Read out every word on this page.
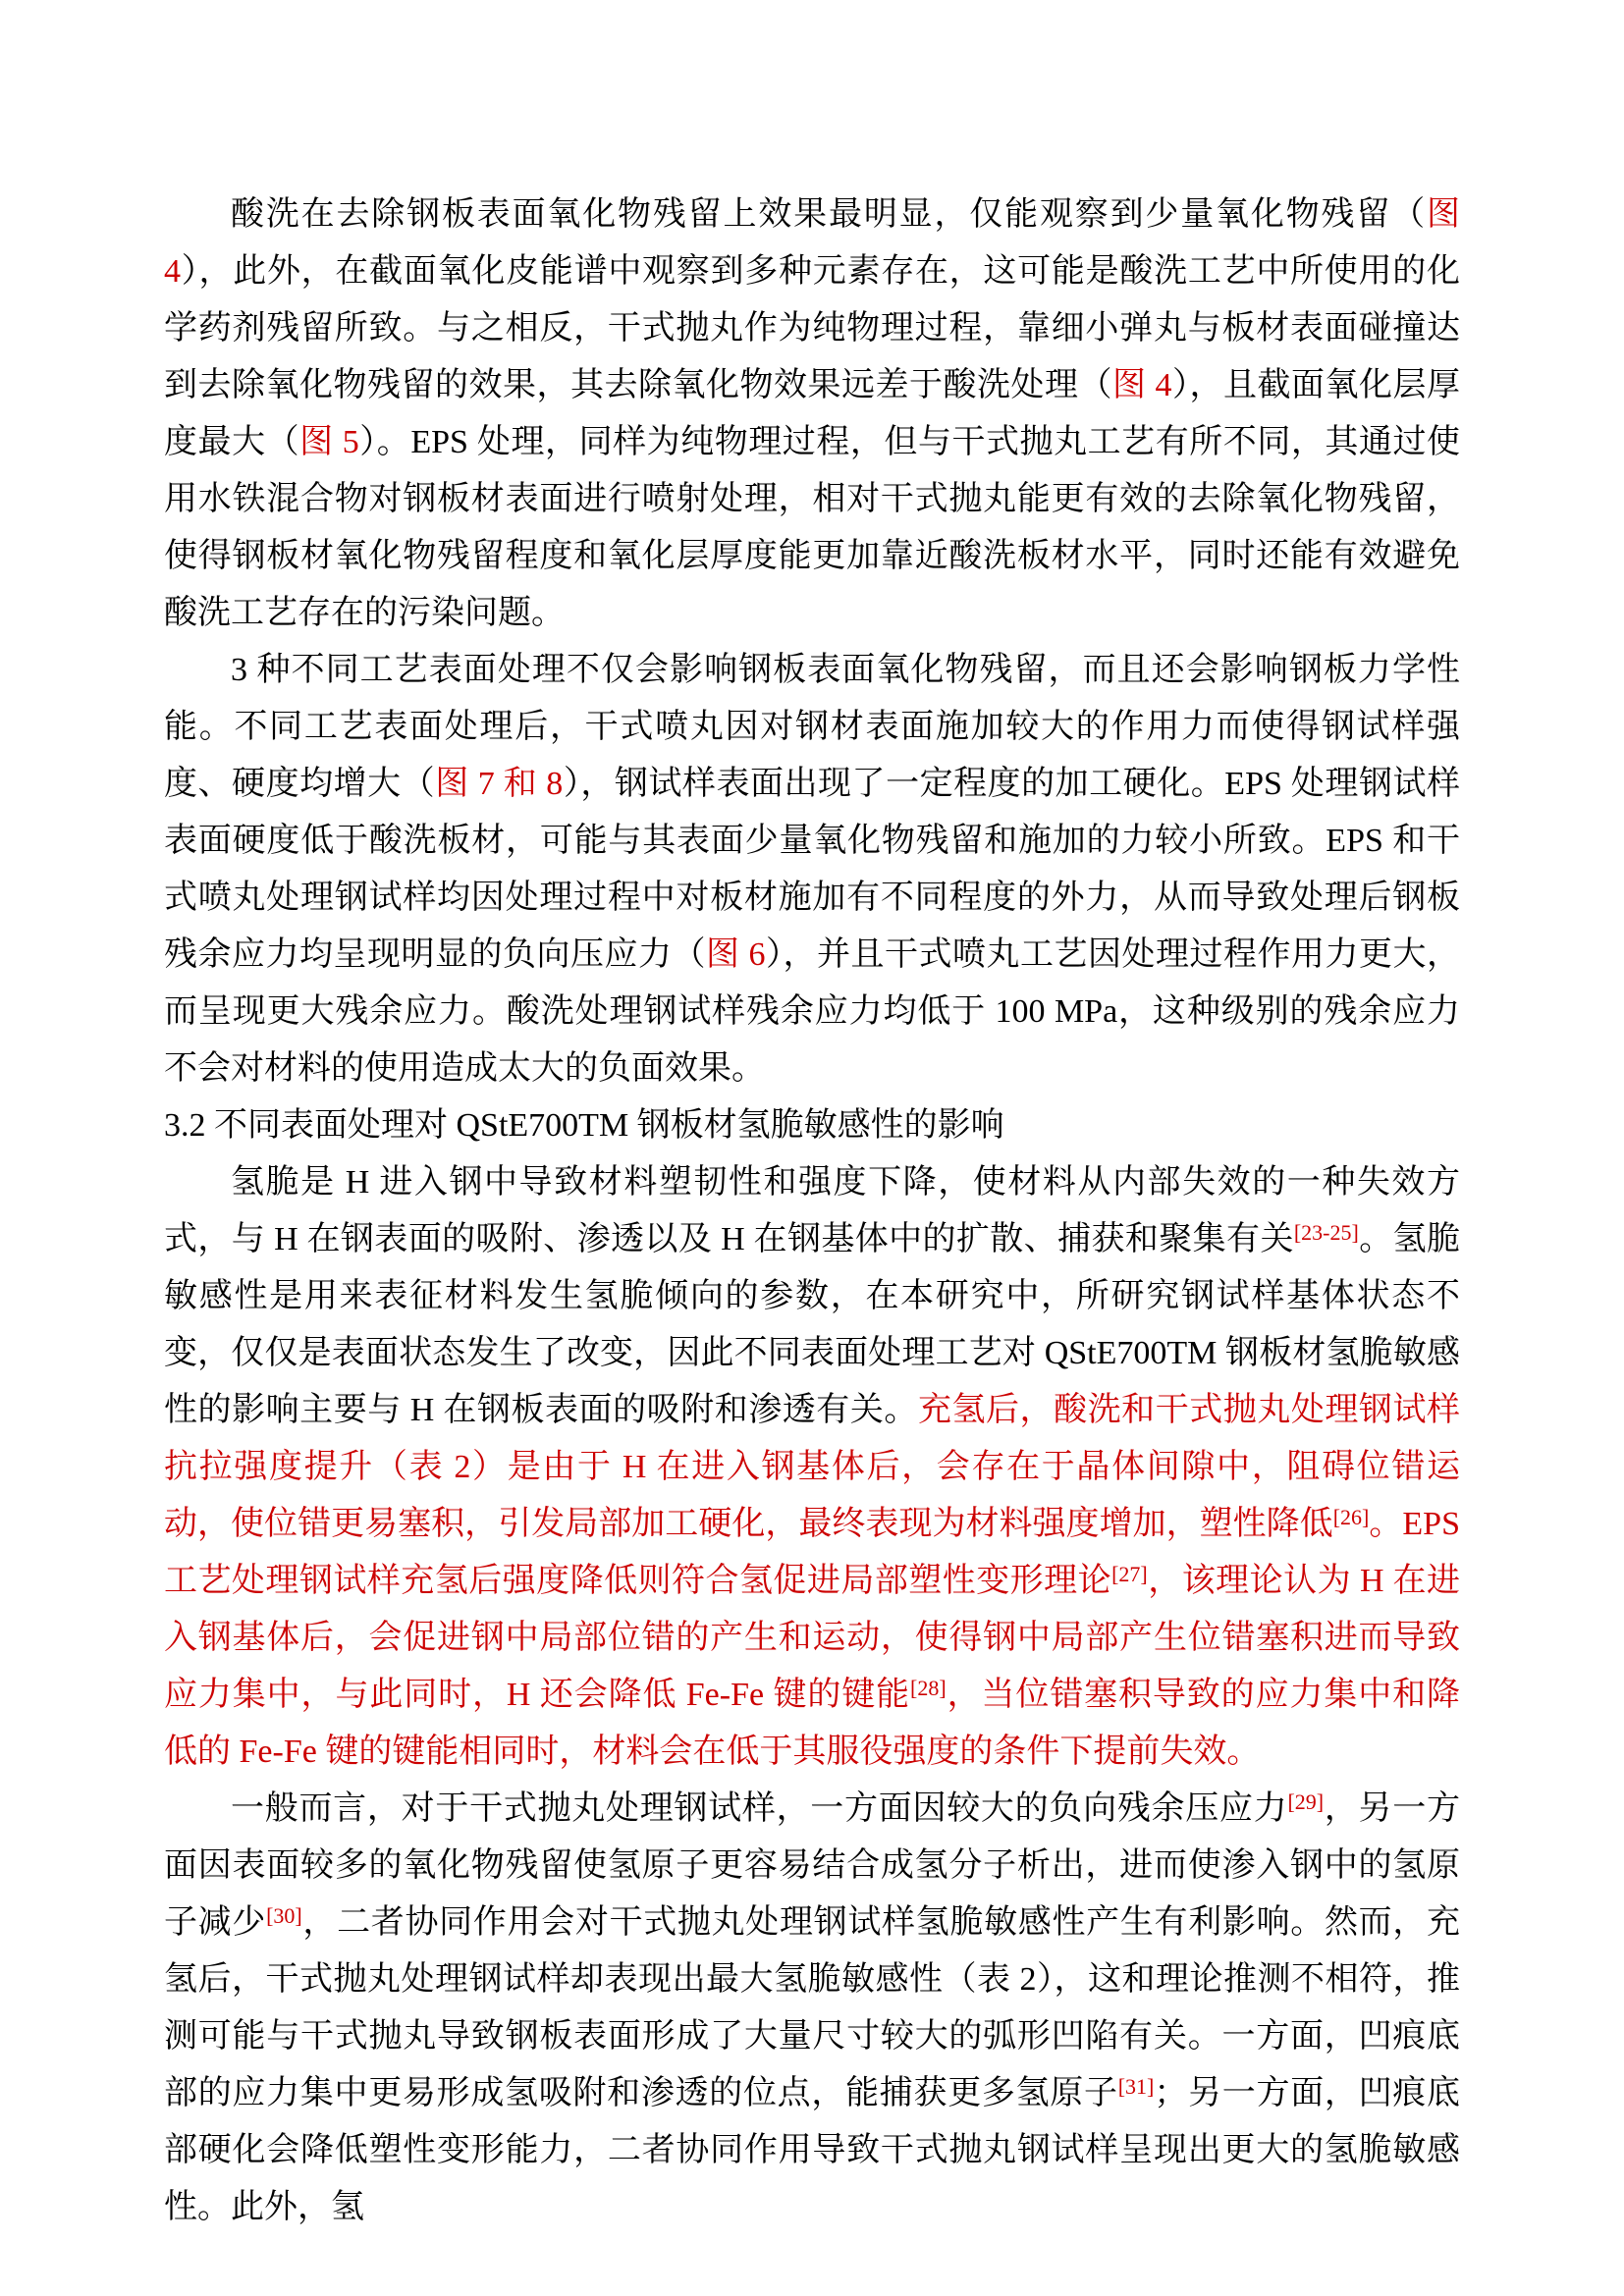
酸洗在去除钢板表面氧化物残留上效果最明显，仅能观察到少量氧化物残留（图 4），此外，在截面氧化皮能谱中观察到多种元素存在，这可能是酸洗工艺中所使用的化学药剂残留所致。与之相反，干式抛丸作为纯物理过程，靠细小弹丸与板材表面碰撞达到去除氧化物残留的效果，其去除氧化物效果远差于酸洗处理（图 4），且截面氧化层厚度最大（图 5）。EPS 处理，同样为纯物理过程，但与干式抛丸工艺有所不同，其通过使用水铁混合物对钢板材表面进行喷射处理，相对干式抛丸能更有效的去除氧化物残留，使得钢板材氧化物残留程度和氧化层厚度能更加靠近酸洗板材水平，同时还能有效避免酸洗工艺存在的污染问题。

3 种不同工艺表面处理不仅会影响钢板表面氧化物残留，而且还会影响钢板力学性能。不同工艺表面处理后，干式喷丸因对钢材表面施加较大的作用力而使得钢试样强度、硬度均增大（图 7 和 8），钢试样表面出现了一定程度的加工硬化。EPS 处理钢试样表面硬度低于酸洗板材，可能与其表面少量氧化物残留和施加的力较小所致。EPS 和干式喷丸处理钢试样均因处理过程中对板材施加有不同程度的外力，从而导致处理后钢板残余应力均呈现明显的负向压应力（图 6），并且干式喷丸工艺因处理过程作用力更大，而呈现更大残余应力。酸洗处理钢试样残余应力均低于 100 MPa，这种级别的残余应力不会对材料的使用造成太大的负面效果。

3.2 不同表面处理对 QStE700TM 钢板材氢脆敏感性的影响

氢脆是 H 进入钢中导致材料塑韧性和强度下降，使材料从内部失效的一种失效方式，与 H 在钢表面的吸附、渗透以及 H 在钢基体中的扩散、捕获和聚集有关[23-25]。氢脆敏感性是用来表征材料发生氢脆倾向的参数，在本研究中，所研究钢试样基体状态不变，仅仅是表面状态发生了改变，因此不同表面处理工艺对 QStE700TM 钢板材氢脆敏感性的影响主要与 H 在钢板表面的吸附和渗透有关。充氢后，酸洗和干式抛丸处理钢试样抗拉强度提升（表 2）是由于 H 在进入钢基体后，会存在于晶体间隙中，阻碍位错运动，使位错更易塞积，引发局部加工硬化，最终表现为材料强度增加，塑性降低[26]。EPS 工艺处理钢试样充氢后强度降低则符合氢促进局部塑性变形理论[27]，该理论认为 H 在进入钢基体后，会促进钢中局部位错的产生和运动，使得钢中局部产生位错塞积进而导致应力集中，与此同时，H 还会降低 Fe-Fe 键的键能[28]，当位错塞积导致的应力集中和降低的 Fe-Fe 键的键能相同时，材料会在低于其服役强度的条件下提前失效。

一般而言，对于干式抛丸处理钢试样，一方面因较大的负向残余压应力[29]，另一方面因表面较多的氧化物残留使氢原子更容易结合成氢分子析出，进而使渗入钢中的氢原子减少[30]，二者协同作用会对干式抛丸处理钢试样氢脆敏感性产生有利影响。然而，充氢后，干式抛丸处理钢试样却表现出最大氢脆敏感性（表 2），这和理论推测不相符，推测可能与干式抛丸导致钢板表面形成了大量尺寸较大的弧形凹陷有关。一方面，凹痕底部的应力集中更易形成氢吸附和渗透的位点，能捕获更多氢原子[31]；另一方面，凹痕底部硬化会降低塑性变形能力，二者协同作用导致干式抛丸钢试样呈现出更大的氢脆敏感性。此外，氢
